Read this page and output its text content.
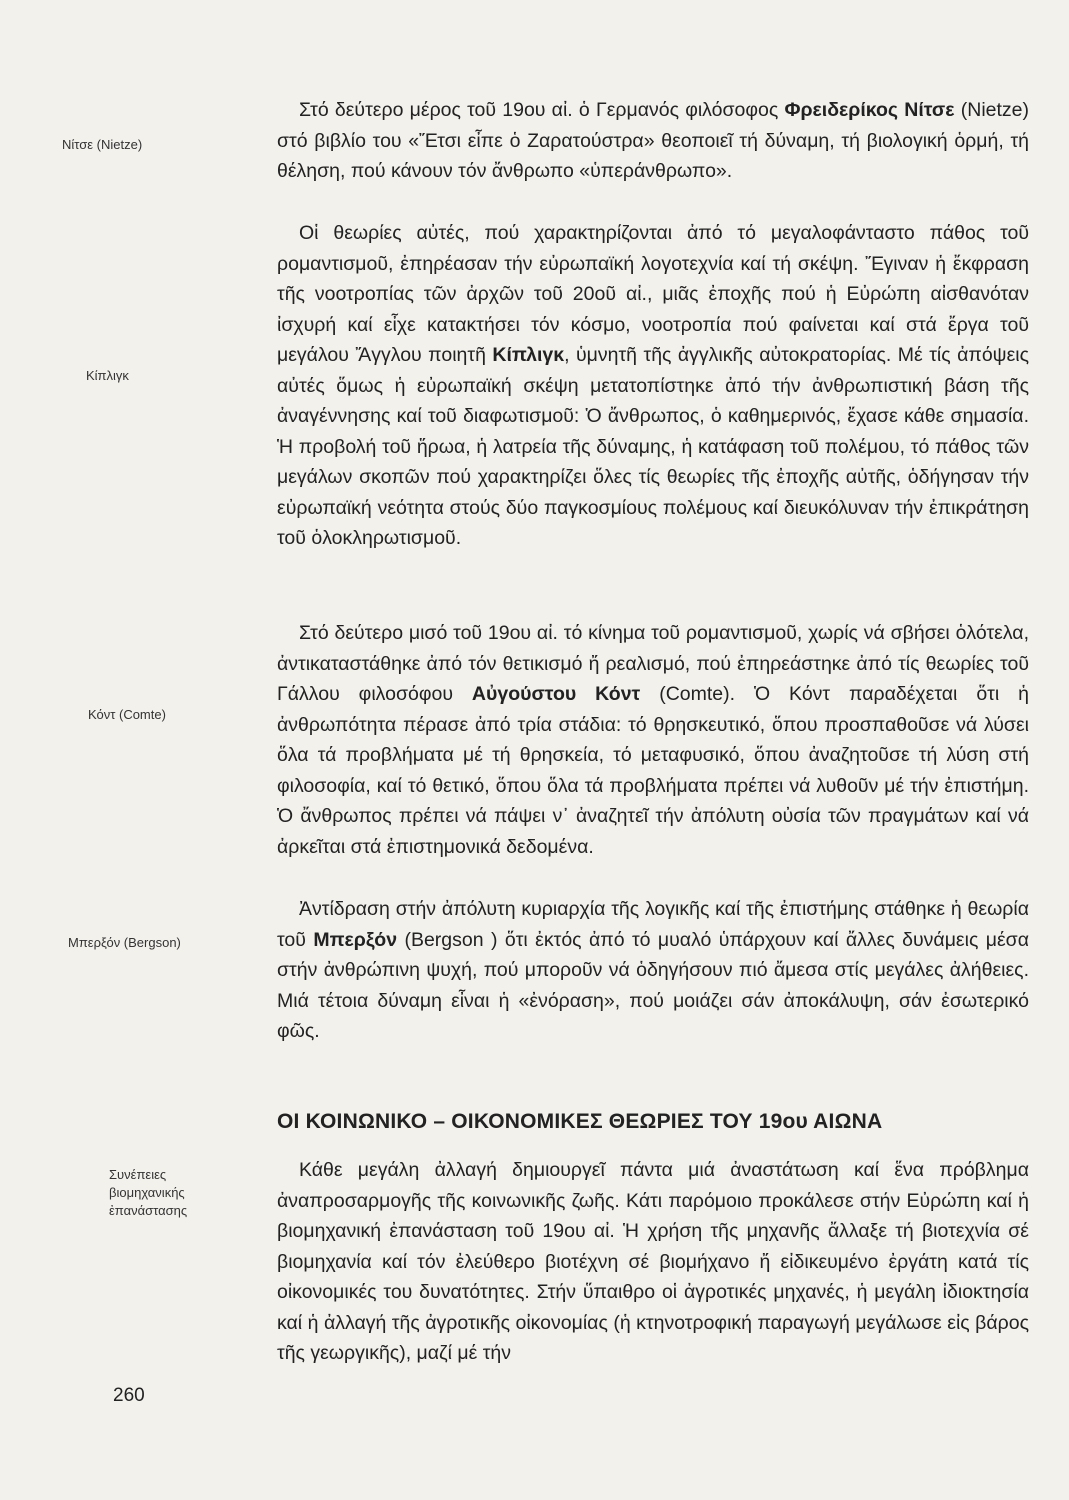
Νίτσε (Nietze)
Κίπλιγκ
Κόντ (Comte)
Μπερξόν (Bergson)
Συνέπειες
βιομηχανικής
ἐπανάστασης
Στό δεύτερο μέρος τοῦ 19ου αἰ. ὁ Γερμανός φιλόσοφος Φρειδερίκος Νίτσε (Nietze) στό βιβλίο του «Ἔτσι εἶπε ὁ Ζαρατούστρα» θεοποιεῖ τή δύναμη, τή βιολογική ὁρμή, τή θέληση, πού κάνουν τόν ἄνθρωπο «ὑπεράνθρωπο».
Οἱ θεωρίες αὐτές, πού χαρακτηρίζονται ἀπό τό μεγαλοφάνταστο πάθος τοῦ ρομαντισμοῦ, ἐπηρέασαν τήν εὐρωπαϊκή λογοτεχνία καί τή σκέψη. Ἔγιναν ἡ ἔκφραση τῆς νοοτροπίας τῶν ἀρχῶν τοῦ 20οῦ αἰ., μιᾶς ἐποχῆς πού ἡ Εὐρώπη αἰσθανόταν ἰσχυρή καί εἶχε κατακτήσει τόν κόσμο, νοοτροπία πού φαίνεται καί στά ἔργα τοῦ μεγάλου Ἄγγλου ποιητῆ Κίπλιγκ, ὑμνητῆ τῆς ἀγγλικῆς αὐτοκρατορίας. Μέ τίς ἀπόψεις αὐτές ὅμως ἡ εὐρωπαϊκή σκέψη μετατοπίστηκε ἀπό τήν ἀνθρωπιστική βάση τῆς ἀναγέννησης καί τοῦ διαφωτισμοῦ: Ὁ ἄνθρωπος, ὁ καθημερινός, ἔχασε κάθε σημασία. Ἡ προβολή τοῦ ἥρωα, ἡ λατρεία τῆς δύναμης, ἡ κατάφαση τοῦ πολέμου, τό πάθος τῶν μεγάλων σκοπῶν πού χαρακτηρίζει ὅλες τίς θεωρίες τῆς ἐποχῆς αὐτῆς, ὁδήγησαν τήν εὐρωπαϊκή νεότητα στούς δύο παγκοσμίους πολέμους καί διευκόλυναν τήν ἐπικράτηση τοῦ ὁλοκληρωτισμοῦ.
Στό δεύτερο μισό τοῦ 19ου αἰ. τό κίνημα τοῦ ρομαντισμοῦ, χωρίς νά σβήσει ὁλότελα, ἀντικαταστάθηκε ἀπό τόν θετικισμό ἤ ρεαλισμό, πού ἐπηρεάστηκε ἀπό τίς θεωρίες τοῦ Γάλλου φιλοσόφου Αὐγούστου Κόντ (Comte). Ὁ Κόντ παραδέχεται ὅτι ἡ ἀνθρωπότητα πέρασε ἀπό τρία στάδια: τό θρησκευτικό, ὅπου προσπαθοῦσε νά λύσει ὅλα τά προβλήματα μέ τή θρησκεία, τό μεταφυσικό, ὅπου ἀναζητοῦσε τή λύση στή φιλοσοφία, καί τό θετικό, ὅπου ὅλα τά προβλήματα πρέπει νά λυθοῦν μέ τήν ἐπιστήμη. Ὁ ἄνθρωπος πρέπει νά πάψει ν᾽ ἀναζητεῖ τήν ἀπόλυτη οὐσία τῶν πραγμάτων καί νά ἀρκεῖται στά ἐπιστημονικά δεδομένα.
Ἀντίδραση στήν ἀπόλυτη κυριαρχία τῆς λογικῆς καί τῆς ἐπιστήμης στάθηκε ἡ θεωρία τοῦ Μπερξόν (Bergson ) ὅτι ἐκτός ἀπό τό μυαλό ὑπάρχουν καί ἄλλες δυνάμεις μέσα στήν ἀνθρώπινη ψυχή, πού μποροῦν νά ὁδηγήσουν πιό ἄμεσα στίς μεγάλες ἀλήθειες. Μιά τέτοια δύναμη εἶναι ἡ «ἐνόραση», πού μοιάζει σάν ἀποκάλυψη, σάν ἐσωτερικό φῶς.
ΟΙ ΚΟΙΝΩΝΙΚΟ – ΟΙΚΟΝΟΜΙΚΕΣ ΘΕΩΡΙΕΣ ΤΟΥ 19ου ΑΙΩΝΑ
Κάθε μεγάλη ἀλλαγή δημιουργεῖ πάντα μιά ἀναστάτωση καί ἕνα πρόβλημα ἀναπροσαρμογῆς τῆς κοινωνικῆς ζωῆς. Κάτι παρόμοιο προκάλεσε στήν Εὐρώπη καί ἡ βιομηχανική ἐπανάσταση τοῦ 19ου αἰ. Ἡ χρήση τῆς μηχανῆς ἄλλαξε τή βιοτεχνία σέ βιομηχανία καί τόν ἐλεύθερο βιοτέχνη σέ βιομήχανο ἤ εἰδικευμένο ἐργάτη κατά τίς οἰκονομικές του δυνατότητες. Στήν ὕπαιθρο οἱ ἀγροτικές μηχανές, ἡ μεγάλη ἰδιοκτησία καί ἡ ἀλλαγή τῆς ἀγροτικῆς οἰκονομίας (ἡ κτηνοτροφική παραγωγή μεγάλωσε εἰς βάρος τῆς γεωργικῆς), μαζί μέ τήν
260
